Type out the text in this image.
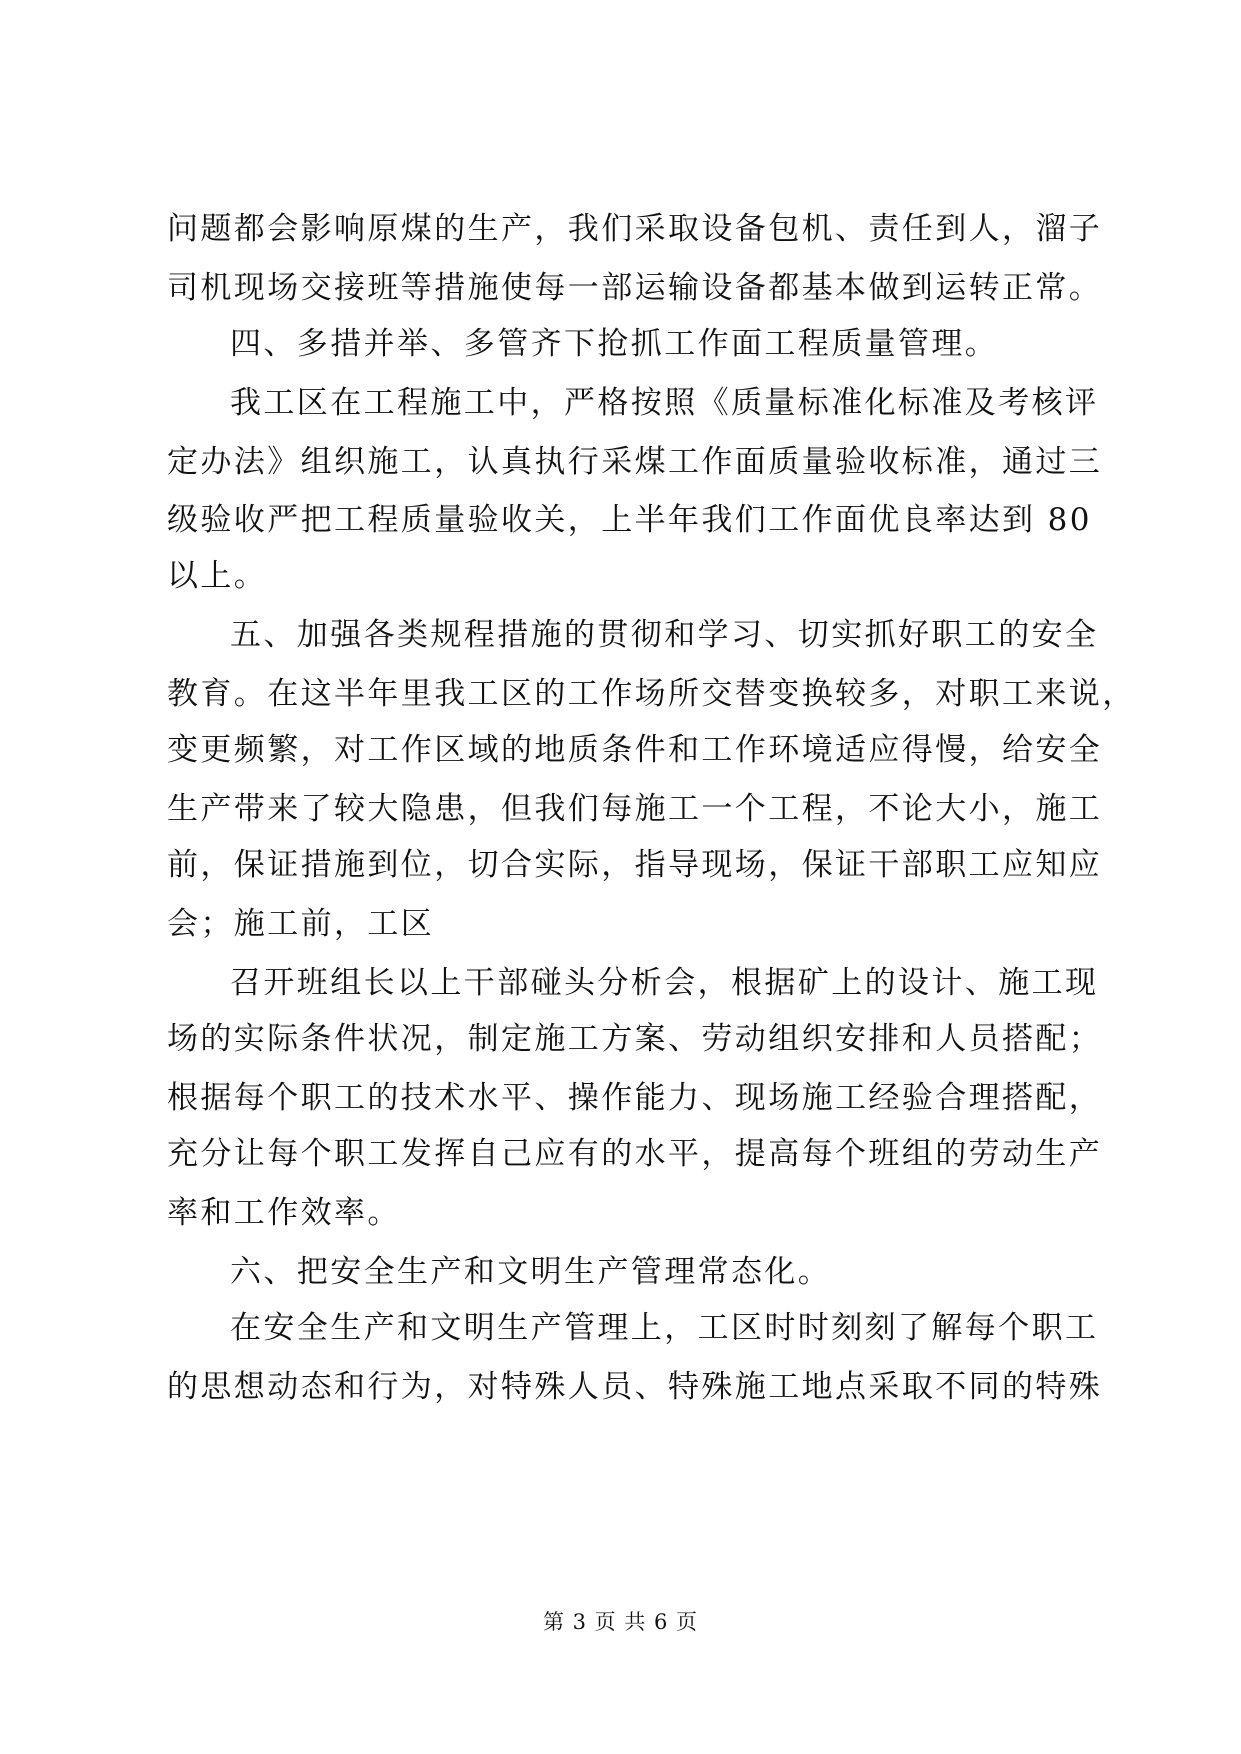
问题都会影响原煤的生产，我们采取设备包机、责任到人，溜子
司机现场交接班等措施使每一部运输设备都基本做到运转正常。
四、多措并举、多管齐下抢抓工作面工程质量管理。
我工区在工程施工中，严格按照《质量标准化标准及考核评
定办法》组织施工，认真执行采煤工作面质量验收标准，通过三
级验收严把工程质量验收关，上半年我们工作面优良率达到 80
以上。
五、加强各类规程措施的贯彻和学习、切实抓好职工的安全
教育。在这半年里我工区的工作场所交替变换较多，对职工来说，
变更频繁，对工作区域的地质条件和工作环境适应得慢，给安全
生产带来了较大隐患，但我们每施工一个工程，不论大小，施工
前，保证措施到位，切合实际，指导现场，保证干部职工应知应
会；施工前，工区
召开班组长以上干部碰头分析会，根据矿上的设计、施工现
场的实际条件状况，制定施工方案、劳动组织安排和人员搭配；
根据每个职工的技术水平、操作能力、现场施工经验合理搭配，
充分让每个职工发挥自己应有的水平，提高每个班组的劳动生产
率和工作效率。
六、把安全生产和文明生产管理常态化。
在安全生产和文明生产管理上，工区时时刻刻了解每个职工
的思想动态和行为，对特殊人员、特殊施工地点采取不同的特殊
第 3 页 共 6 页
